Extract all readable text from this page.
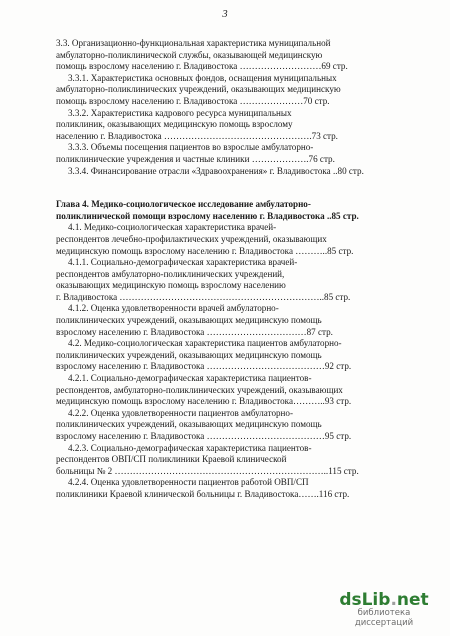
3
3.3. Организационно-функциональная характеристика муниципальной
амбулаторно-поликлинической службы, оказывающей медицинскую
помощь взрослому населению г. Владивостока ………………………69 стр.
3.3.1. Характеристика основных фондов, оснащения муниципальных
амбулаторно-поликлинических учреждений, оказывающих медицинскую
помощь взрослому населению г. Владивостока …………………70 стр.
3.3.2. Характеристика кадрового ресурса муниципальных
поликлиник, оказывающих медицинскую помощь взрослому
населению г. Владивостока ………………………………………….73 стр.
3.3.3. Объемы посещения пациентов во взрослые амбулаторно-
поликлинические учреждения и частные клиники ……………….76 стр.
3.3.4. Финансирование отрасли «Здравоохранения» г. Владивостока ..80 стр.
Глава 4. Медико-социологическое исследование амбулаторно-
поликлинической помощи взрослому населению г. Владивостока ..85 стр.
4.1. Медико-социологическая характеристика врачей-
респондентов лечебно-профилактических учреждений, оказывающих
медицинскую помощь взрослому населению г. Владивостока ………..85 стр.
4.1.1. Социально-демографическая характеристика врачей-
респондентов амбулаторно-поликлинических учреждений,
оказывающих медицинскую помощь взрослому населению
г. Владивостока …………………………………………………………..85 стр.
4.1.2. Оценка удовлетворенности врачей амбулаторно-
поликлинических учреждений, оказывающих медицинскую помощь
взрослому населению г. Владивостока ……………………………87 стр.
4.2. Медико-социологическая характеристика пациентов амбулаторно-
поликлинических учреждений, оказывающих медицинскую помощь
взрослому населению г. Владивостока …………………………………92 стр.
4.2.1. Социально-демографическая характеристика пациентов-
респондентов, амбулаторно-поликлинических учреждений, оказывающих
медицинскую помощь взрослому населению г. Владивостока………..93 стр.
4.2.2. Оценка удовлетворенности пациентов амбулаторно-
поликлинических учреждений, оказывающих медицинскую помощь
взрослому населению г. Владивостока …………………………………95 стр.
4.2.3. Социально-демографическая характеристика пациентов-
респондентов ОВП/СП поликлиники Краевой клинической
больницы № 2 ……………………………………………………………..115 стр.
4.2.4. Оценка удовлетворенности пациентов работой ОВП/СП
поликлиники Краевой клинической больницы г. Владивостока…….116 стр.
dsLib.net
библиотека диссертаций
